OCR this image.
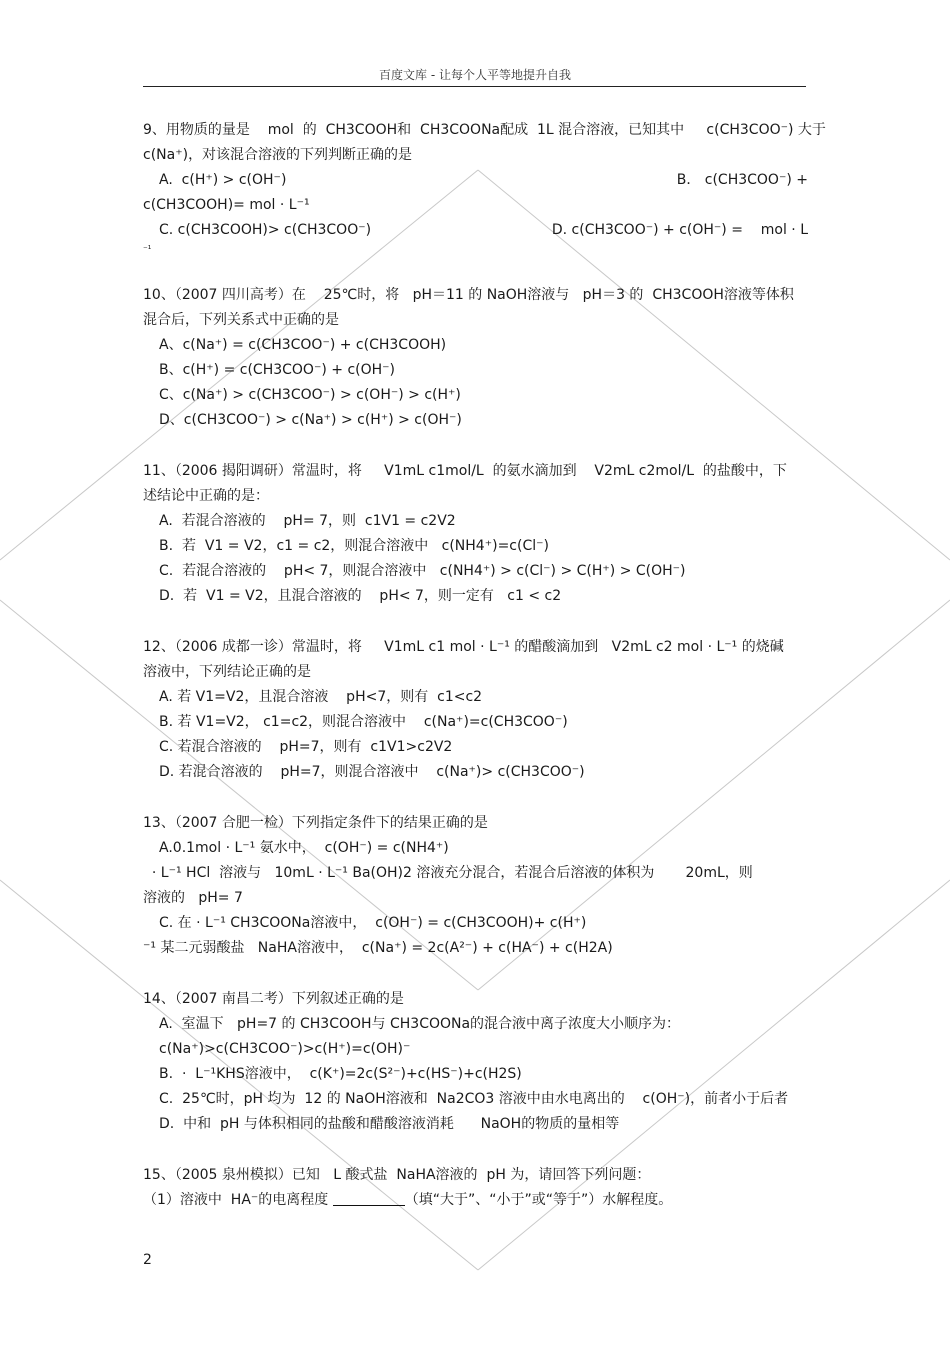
百度文库 - 让每个人平等地提升自我
9、用物质的量是    mol  的  CH3COOH和  CH3COONa配成  1L 混合溶液，已知其中     c(CH3COO⁻) 大于
c(Na⁺)，对该混合溶液的下列判断正确的是
A.  c(H⁺) > c(OH⁻)	B． c(CH3COO⁻) +
c(CH3COOH)= mol · L⁻¹
C. c(CH3COOH)> c(CH3COO⁻)	D. c(CH3COO⁻) + c(OH⁻) =    mol · L
⁻¹
10、（2007 四川高考）在    25℃时，将   pH＝11 的 NaOH溶液与   pH＝3 的  CH3COOH溶液等体积
混合后，下列关系式中正确的是
A、c(Na⁺) = c(CH3COO⁻) + c(CH3COOH)
B、c(H⁺) = c(CH3COO⁻) + c(OH⁻)
C、c(Na⁺) > c(CH3COO⁻) > c(OH⁻) > c(H⁺)
D、c(CH3COO⁻) > c(Na⁺) > c(H⁺) > c(OH⁻)
11、（2006 揭阳调研）常温时，将     V1mL c1mol/L  的氨水滴加到    V2mL c2mol/L  的盐酸中，下
述结论中正确的是：
A.  若混合溶液的    pH= 7，则  c1V1 = c2V2
B.  若  V1 = V2，c1 = c2，则混合溶液中   c(NH4⁺)=c(Cl⁻)
C.  若混合溶液的    pH< 7，则混合溶液中   c(NH4⁺) > c(Cl⁻) > C(H⁺) > C(OH⁻)
D.  若  V1 = V2，且混合溶液的    pH< 7，则一定有   c1 < c2
12、（2006 成都一诊）常温时，将     V1mL c1 mol · L⁻¹ 的醋酸滴加到   V2mL c2 mol · L⁻¹ 的烧碱
溶液中，下列结论正确的是
A. 若 V1=V2，且混合溶液    pH<7，则有  c1<c2
B. 若 V1=V2， c1=c2，则混合溶液中    c(Na⁺)=c(CH3COO⁻)
C. 若混合溶液的    pH=7，则有  c1V1>c2V2
D. 若混合溶液的    pH=7，则混合溶液中    c(Na⁺)> c(CH3COO⁻)
13、（2007 合肥一检）下列指定条件下的结果正确的是
A.0.1mol · L⁻¹ 氨水中，  c(OH⁻) = c(NH4⁺)
· L⁻¹ HCl  溶液与   10mL · L⁻¹ Ba(OH)2 溶液充分混合，若混合后溶液的体积为       20mL，则
溶液的   pH= 7
C. 在 · L⁻¹ CH3COONa溶液中，  c(OH⁻) = c(CH3COOH)+ c(H⁺)
⁻¹ 某二元弱酸盐   NaHA溶液中，  c(Na⁺) = 2c(A²⁻) + c(HA⁻) + c(H2A)
14、（2007 南昌二考）下列叙述正确的是
A.  室温下   pH=7 的 CH3COOH与 CH3COONa的混合液中离子浓度大小顺序为：
c(Na⁺)>c(CH3COO⁻)>c(H⁺)=c(OH)⁻
B.  ·  L⁻¹KHS溶液中，  c(K⁺)=2c(S²⁻)+c(HS⁻)+c(H2S)
C.  25℃时，pH 均为  12 的 NaOH溶液和  Na2CO3 溶液中由水电离出的    c(OH⁻)，前者小于后者
D.  中和  pH 与体积相同的盐酸和醋酸溶液消耗      NaOH的物质的量相等
15、（2005 泉州模拟）已知   L 酸式盐  NaHA溶液的  pH 为，请回答下列问题：
（1）溶液中  HA⁻的电离程度	（填“大于”、“小于”或“等于”）水解程度。
2
